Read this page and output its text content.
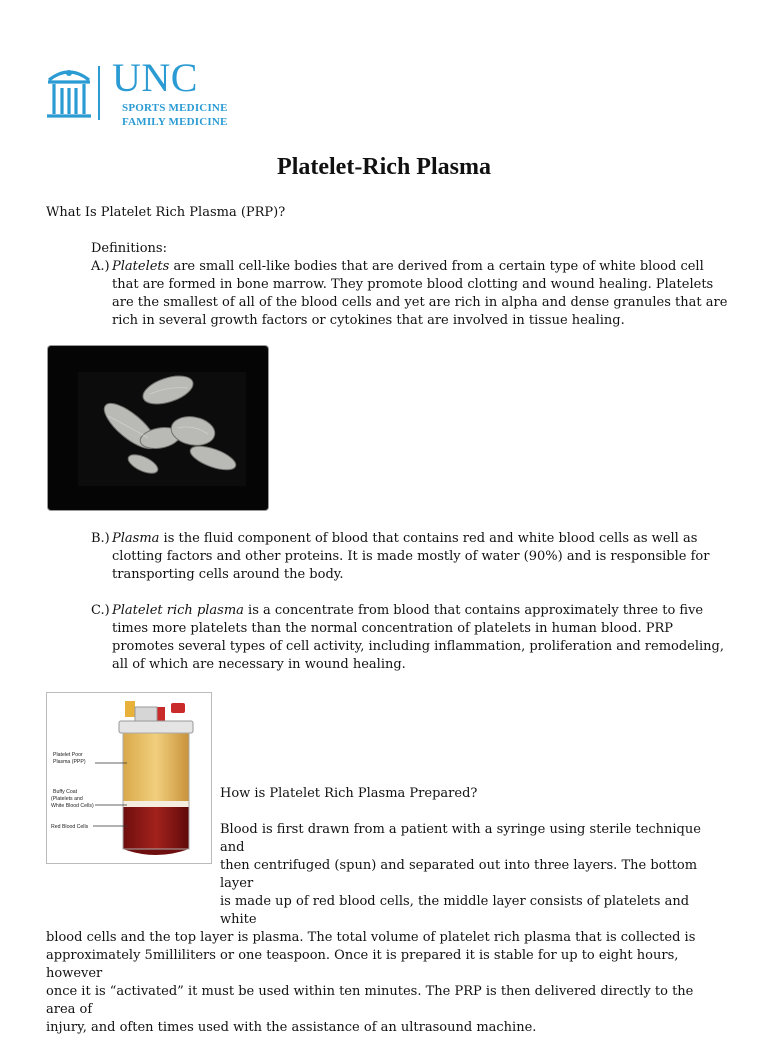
UNC
SPORTS MEDICINE
FAMILY MEDICINE
Platelet-Rich Plasma
What Is Platelet Rich Plasma (PRP)?
Definitions:
A.) Platelets are small cell-like bodies that are derived from a certain type of white blood cell that are formed in bone marrow. They promote blood clotting and wound healing. Platelets are the smallest of all of the blood cells and yet are rich in alpha and dense granules that are rich in several growth factors or cytokines that are involved in tissue healing.
B.) Plasma is the fluid component of blood that contains red and white blood cells as well as clotting factors and other proteins. It is made mostly of water (90%) and is responsible for transporting cells around the body.
C.) Platelet rich plasma is a concentrate from blood that contains approximately three to five times more platelets than the normal concentration of platelets in human blood. PRP promotes several types of cell activity, including inflammation, proliferation and remodeling, all of which are necessary in wound healing.
Platelet Poor
Plasma (PPP)
Buffy Coat
(Platelets and
White Blood Cells)
Red Blood Cells
How is Platelet Rich Plasma Prepared?
Blood is first drawn from a patient with a syringe using sterile technique and
then centrifuged (spun) and separated out into three layers. The bottom layer
is made up of red blood cells, the middle layer consists of platelets and white
blood cells and the top layer is plasma. The total volume of platelet rich plasma that is collected is
approximately 5milliliters or one teaspoon. Once it is prepared it is stable for up to eight hours, however
once it is “activated” it must be used within ten minutes. The PRP is then delivered directly to the area of
injury, and often times used with the assistance of an ultrasound machine.
